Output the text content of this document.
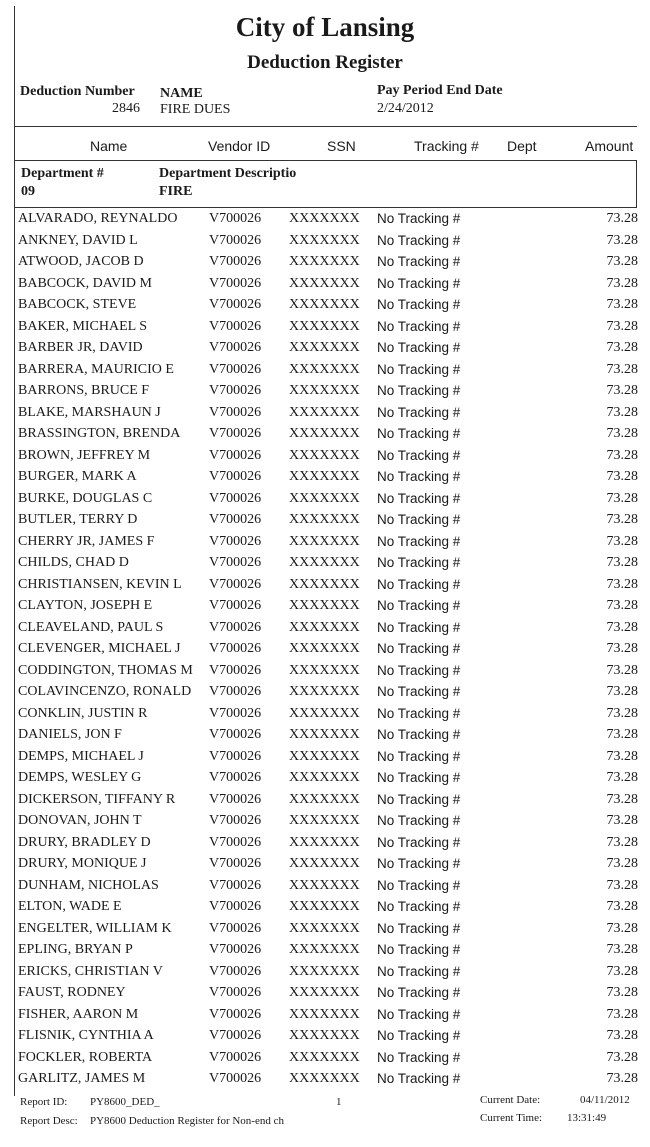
City of Lansing
Deduction Register
Deduction Number
2846
NAME
FIRE DUES
Pay Period End Date
2/24/2012
Name	Vendor ID	SSN	Tracking # Dept	Amount
Department #
09
Department Descriptio
FIRE
ALVARADO, REYNALDO	V700026 XXXXXXX	No Tracking #	73.28
ANKNEY, DAVID L	V700026 XXXXXXX	No Tracking #	73.28
ATWOOD, JACOB D	V700026 XXXXXXX	No Tracking #	73.28
BABCOCK, DAVID M	V700026 XXXXXXX	No Tracking #	73.28
BABCOCK, STEVE	V700026 XXXXXXX	No Tracking #	73.28
BAKER, MICHAEL S	V700026 XXXXXXX	No Tracking #	73.28
BARBER JR, DAVID	V700026 XXXXXXX	No Tracking #	73.28
BARRERA, MAURICIO E	V700026 XXXXXXX	No Tracking #	73.28
BARRONS, BRUCE F	V700026 XXXXXXX	No Tracking #	73.28
BLAKE, MARSHAUN J	V700026 XXXXXXX	No Tracking #	73.28
BRASSINGTON, BRENDA	V700026 XXXXXXX	No Tracking #	73.28
BROWN, JEFFREY M	V700026 XXXXXXX	No Tracking #	73.28
BURGER, MARK A	V700026 XXXXXXX	No Tracking #	73.28
BURKE, DOUGLAS C	V700026 XXXXXXX	No Tracking #	73.28
BUTLER, TERRY D	V700026 XXXXXXX	No Tracking #	73.28
CHERRY JR, JAMES F	V700026 XXXXXXX	No Tracking #	73.28
CHILDS, CHAD D	V700026 XXXXXXX	No Tracking #	73.28
CHRISTIANSEN, KEVIN L	V700026 XXXXXXX	No Tracking #	73.28
CLAYTON, JOSEPH E	V700026 XXXXXXX	No Tracking #	73.28
CLEAVELAND, PAUL S	V700026 XXXXXXX	No Tracking #	73.28
CLEVENGER, MICHAEL J	V700026 XXXXXXX	No Tracking #	73.28
CODDINGTON, THOMAS M	V700026 XXXXXXX	No Tracking #	73.28
COLAVINCENZO, RONALD	V700026 XXXXXXX	No Tracking #	73.28
CONKLIN, JUSTIN R	V700026 XXXXXXX	No Tracking #	73.28
DANIELS, JON F	V700026 XXXXXXX	No Tracking #	73.28
DEMPS, MICHAEL J	V700026 XXXXXXX	No Tracking #	73.28
DEMPS, WESLEY G	V700026 XXXXXXX	No Tracking #	73.28
DICKERSON, TIFFANY R	V700026 XXXXXXX	No Tracking #	73.28
DONOVAN, JOHN T	V700026 XXXXXXX	No Tracking #	73.28
DRURY, BRADLEY D	V700026 XXXXXXX	No Tracking #	73.28
DRURY, MONIQUE J	V700026 XXXXXXX	No Tracking #	73.28
DUNHAM, NICHOLAS	V700026 XXXXXXX	No Tracking #	73.28
ELTON, WADE E	V700026 XXXXXXX	No Tracking #	73.28
ENGELTER, WILLIAM K	V700026 XXXXXXX	No Tracking #	73.28
EPLING, BRYAN P	V700026 XXXXXXX	No Tracking #	73.28
ERICKS, CHRISTIAN V	V700026 XXXXXXX	No Tracking #	73.28
FAUST, RODNEY	V700026 XXXXXXX	No Tracking #	73.28
FISHER, AARON M	V700026 XXXXXXX	No Tracking #	73.28
FLISNIK, CYNTHIA A	V700026 XXXXXXX	No Tracking #	73.28
FOCKLER, ROBERTA	V700026 XXXXXXX	No Tracking #	73.28
GARLITZ, JAMES M	V700026 XXXXXXX	No Tracking #	73.28
Report ID: PY8600_DED_	1
Report Desc: PY8600 Deduction Register for Non-end ch
Current Date:	04/11/2012
Current Time: 13:31:49
